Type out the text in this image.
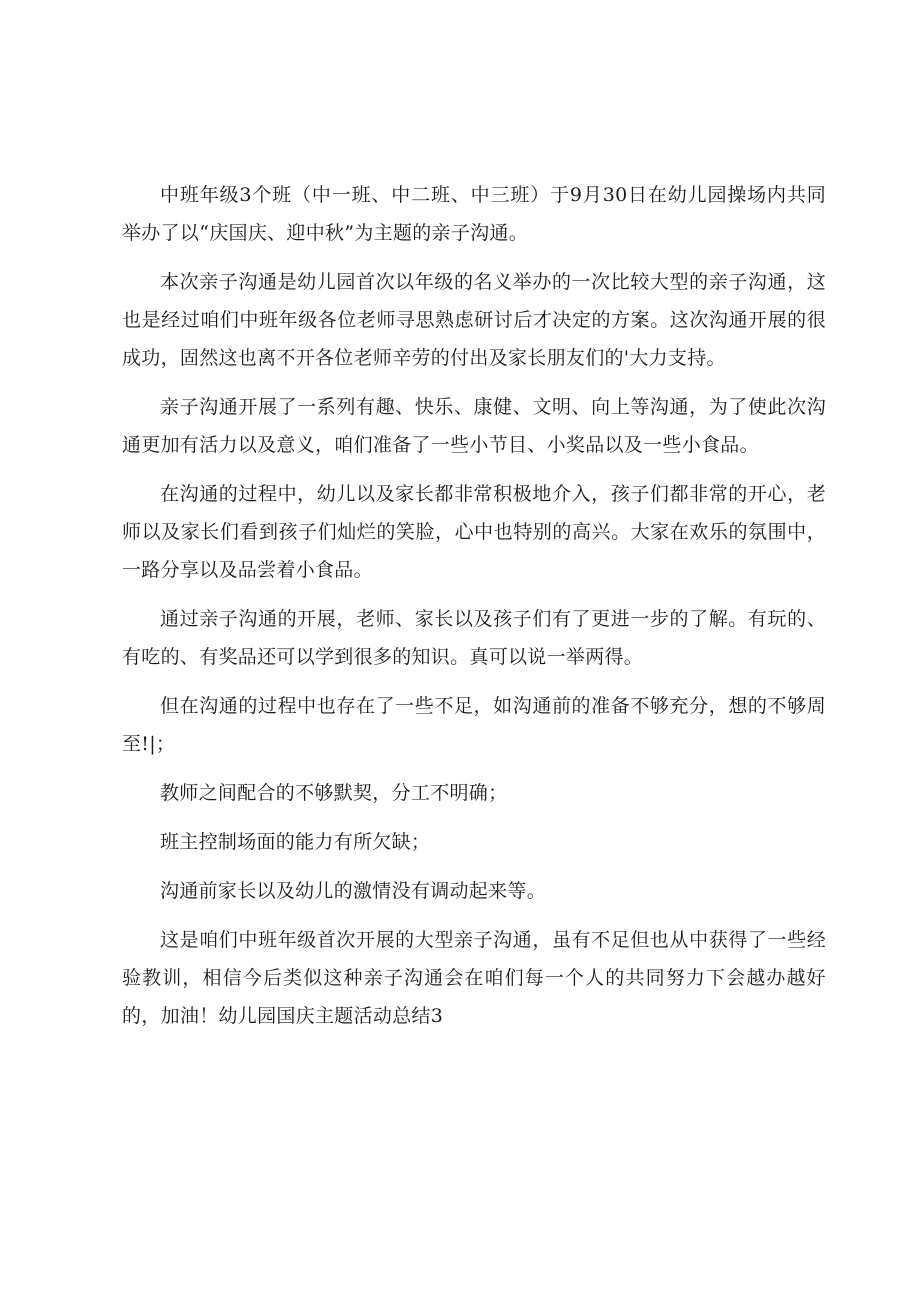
中班年级3个班（中一班、中二班、中三班）于9月30日在幼儿园操场内共同举办了以“庆国庆、迎中秋”为主题的亲子沟通。

本次亲子沟通是幼儿园首次以年级的名义举办的一次比较大型的亲子沟通，这也是经过咱们中班年级各位老师寻思熟虑研讨后才决定的方案。这次沟通开展的很成功，固然这也离不开各位老师辛劳的付出及家长朋友们的'大力支持。

亲子沟通开展了一系列有趣、快乐、康健、文明、向上等沟通，为了使此次沟通更加有活力以及意义，咱们准备了一些小节目、小奖品以及一些小食品。

在沟通的过程中，幼儿以及家长都非常积极地介入，孩子们都非常的开心，老师以及家长们看到孩子们灿烂的笑脸，心中也特别的高兴。大家在欢乐的氛围中，一路分享以及品尝着小食品。

通过亲子沟通的开展，老师、家长以及孩子们有了更进一步的了解。有玩的、有吃的、有奖品还可以学到很多的知识。真可以说一举两得。

但在沟通的过程中也存在了一些不足，如沟通前的准备不够充分，想的不够周至!|；

教师之间配合的不够默契，分工不明确；

班主控制场面的能力有所欠缺；

沟通前家长以及幼儿的激情没有调动起来等。

这是咱们中班年级首次开展的大型亲子沟通，虽有不足但也从中获得了一些经验教训，相信今后类似这种亲子沟通会在咱们每一个人的共同努力下会越办越好的，加油！幼儿园国庆主题活动总结3
